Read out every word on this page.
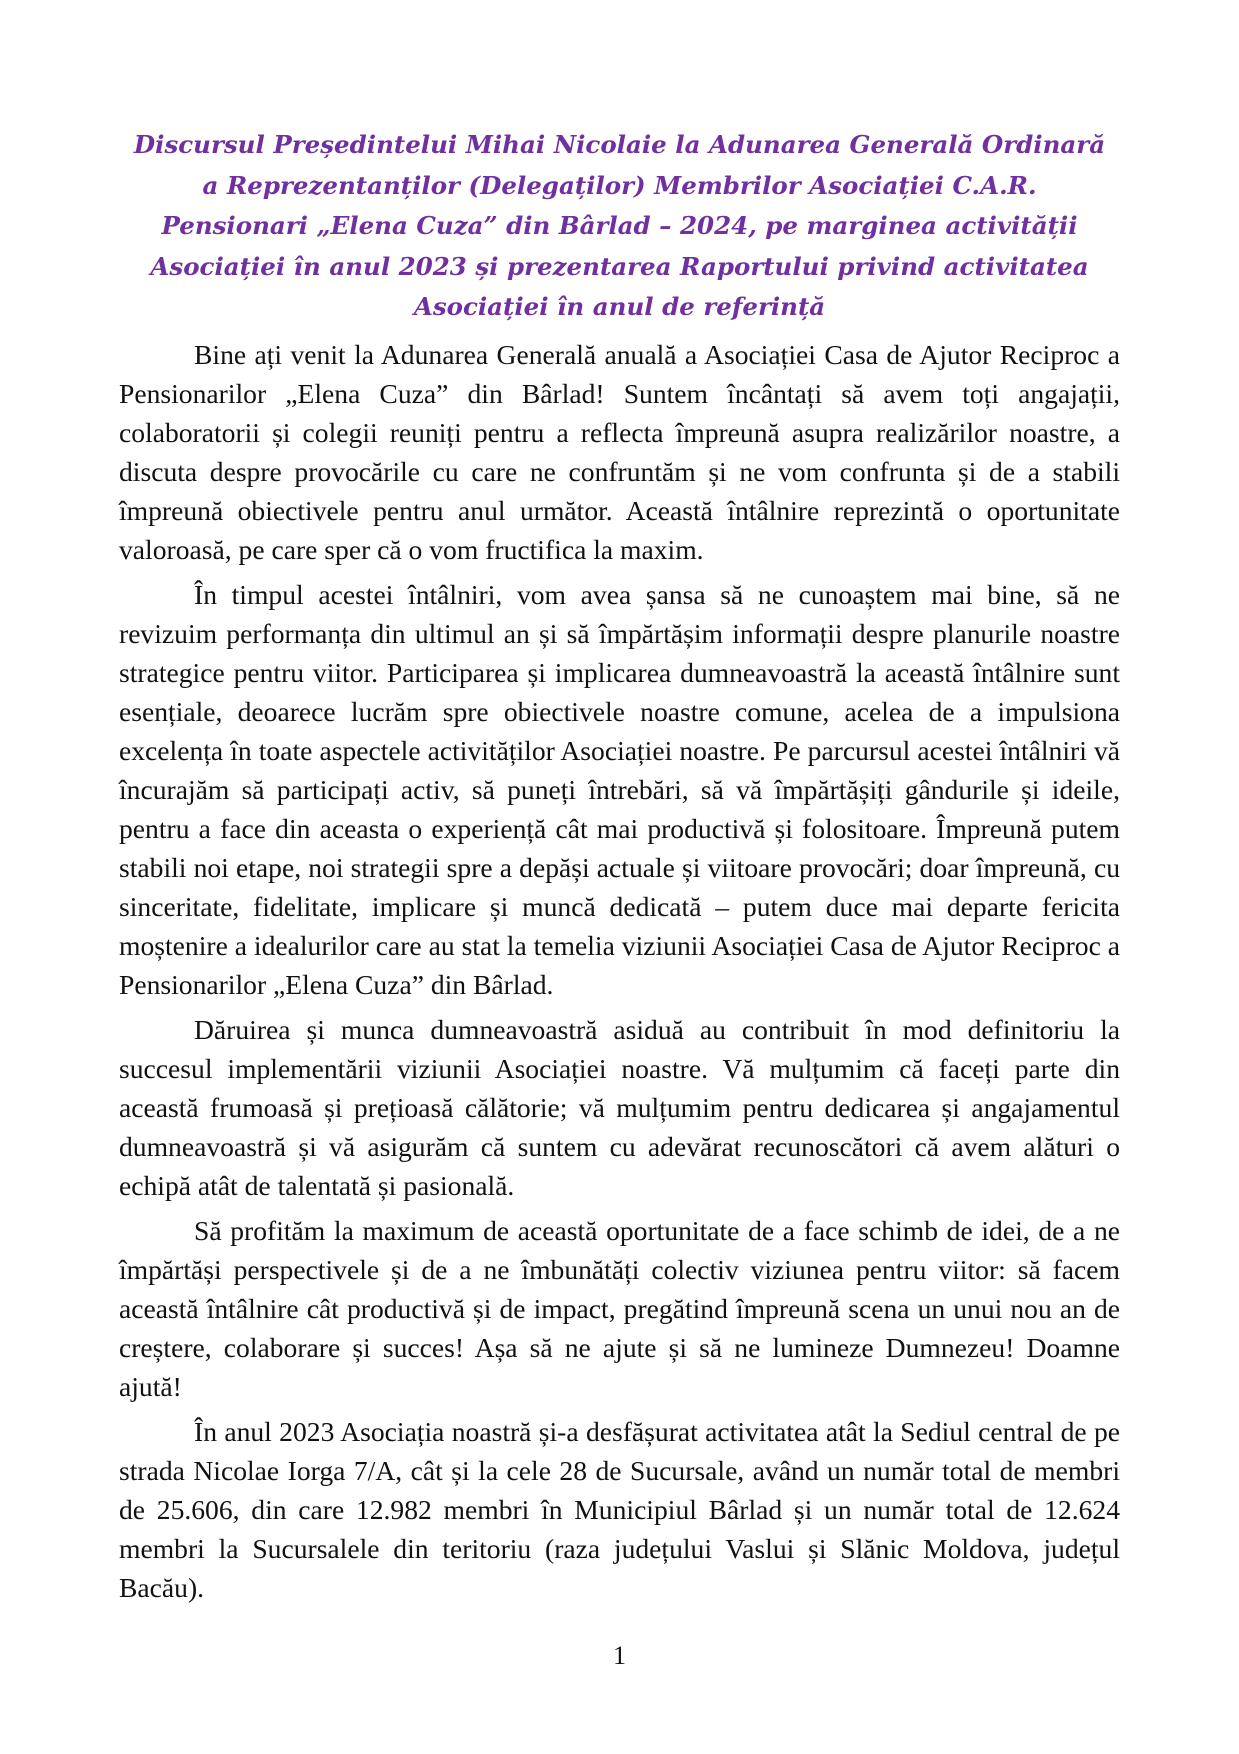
Discursul Președintelui Mihai Nicolaie la Adunarea Generală Ordinară a Reprezentanților (Delegaților) Membrilor Asociației C.A.R. Pensionari „Elena Cuza” din Bârlad – 2024, pe marginea activității Asociației în anul 2023 și prezentarea Raportului privind activitatea Asociației în anul de referință

Bine ați venit la Adunarea Generală anuală a Asociației Casa de Ajutor Reciproc a Pensionarilor „Elena Cuza” din Bârlad! Suntem încântați să avem toți angajații, colaboratorii și colegii reuniți pentru a reflecta împreună asupra realizărilor noastre, a discuta despre provocările cu care ne confruntăm și ne vom confrunta și de a stabili împreună obiectivele pentru anul următor. Această întâlnire reprezintă o oportunitate valoroasă, pe care sper că o vom fructifica la maxim.

În timpul acestei întâlniri, vom avea șansa să ne cunoaștem mai bine, să ne revizuim performanța din ultimul an și să împărtășim informații despre planurile noastre strategice pentru viitor. Participarea și implicarea dumneavoastră la această întâlnire sunt esențiale, deoarece lucrăm spre obiectivele noastre comune, acelea de a impulsiona excelența în toate aspectele activităților Asociației noastre. Pe parcursul acestei întâlniri vă încurajăm să participați activ, să puneți întrebări, să vă împărtășiți gândurile și ideile, pentru a face din aceasta o experiență cât mai productivă și folositoare. Împreună putem stabili noi etape, noi strategii spre a depăși actuale și viitoare provocări; doar împreună, cu sinceritate, fidelitate, implicare și muncă dedicată – putem duce mai departe fericita moștenire a idealurilor care au stat la temelia viziunii Asociației Casa de Ajutor Reciproc a Pensionarilor „Elena Cuza” din Bârlad.

Dăruirea și munca dumneavoastră asiduă au contribuit în mod definitoriu la succesul implementării viziunii Asociației noastre. Vă mulțumim că faceți parte din această frumoasă și prețioasă călătorie; vă mulțumim pentru dedicarea și angajamentul dumneavoastră și vă asigurăm că suntem cu adevărat recunoscători că avem alături o echipă atât de talentată și pasională.

Să profităm la maximum de această oportunitate de a face schimb de idei, de a ne împărtăși perspectivele și de a ne îmbunătăți colectiv viziunea pentru viitor: să facem această întâlnire cât productivă și de impact, pregătind împreună scena un unui nou an de creștere, colaborare și succes! Așa să ne ajute și să ne lumineze Dumnezeu! Doamne ajută!

În anul 2023 Asociația noastră și-a desfășurat activitatea atât la Sediul central de pe strada Nicolae Iorga 7/A, cât și la cele 28 de Sucursale, având un număr total de membri de 25.606, din care 12.982 membri în Municipiul Bârlad și un număr total de 12.624 membri la Sucursalele din teritoriu (raza județului Vaslui și Slănic Moldova, județul Bacău).

1
